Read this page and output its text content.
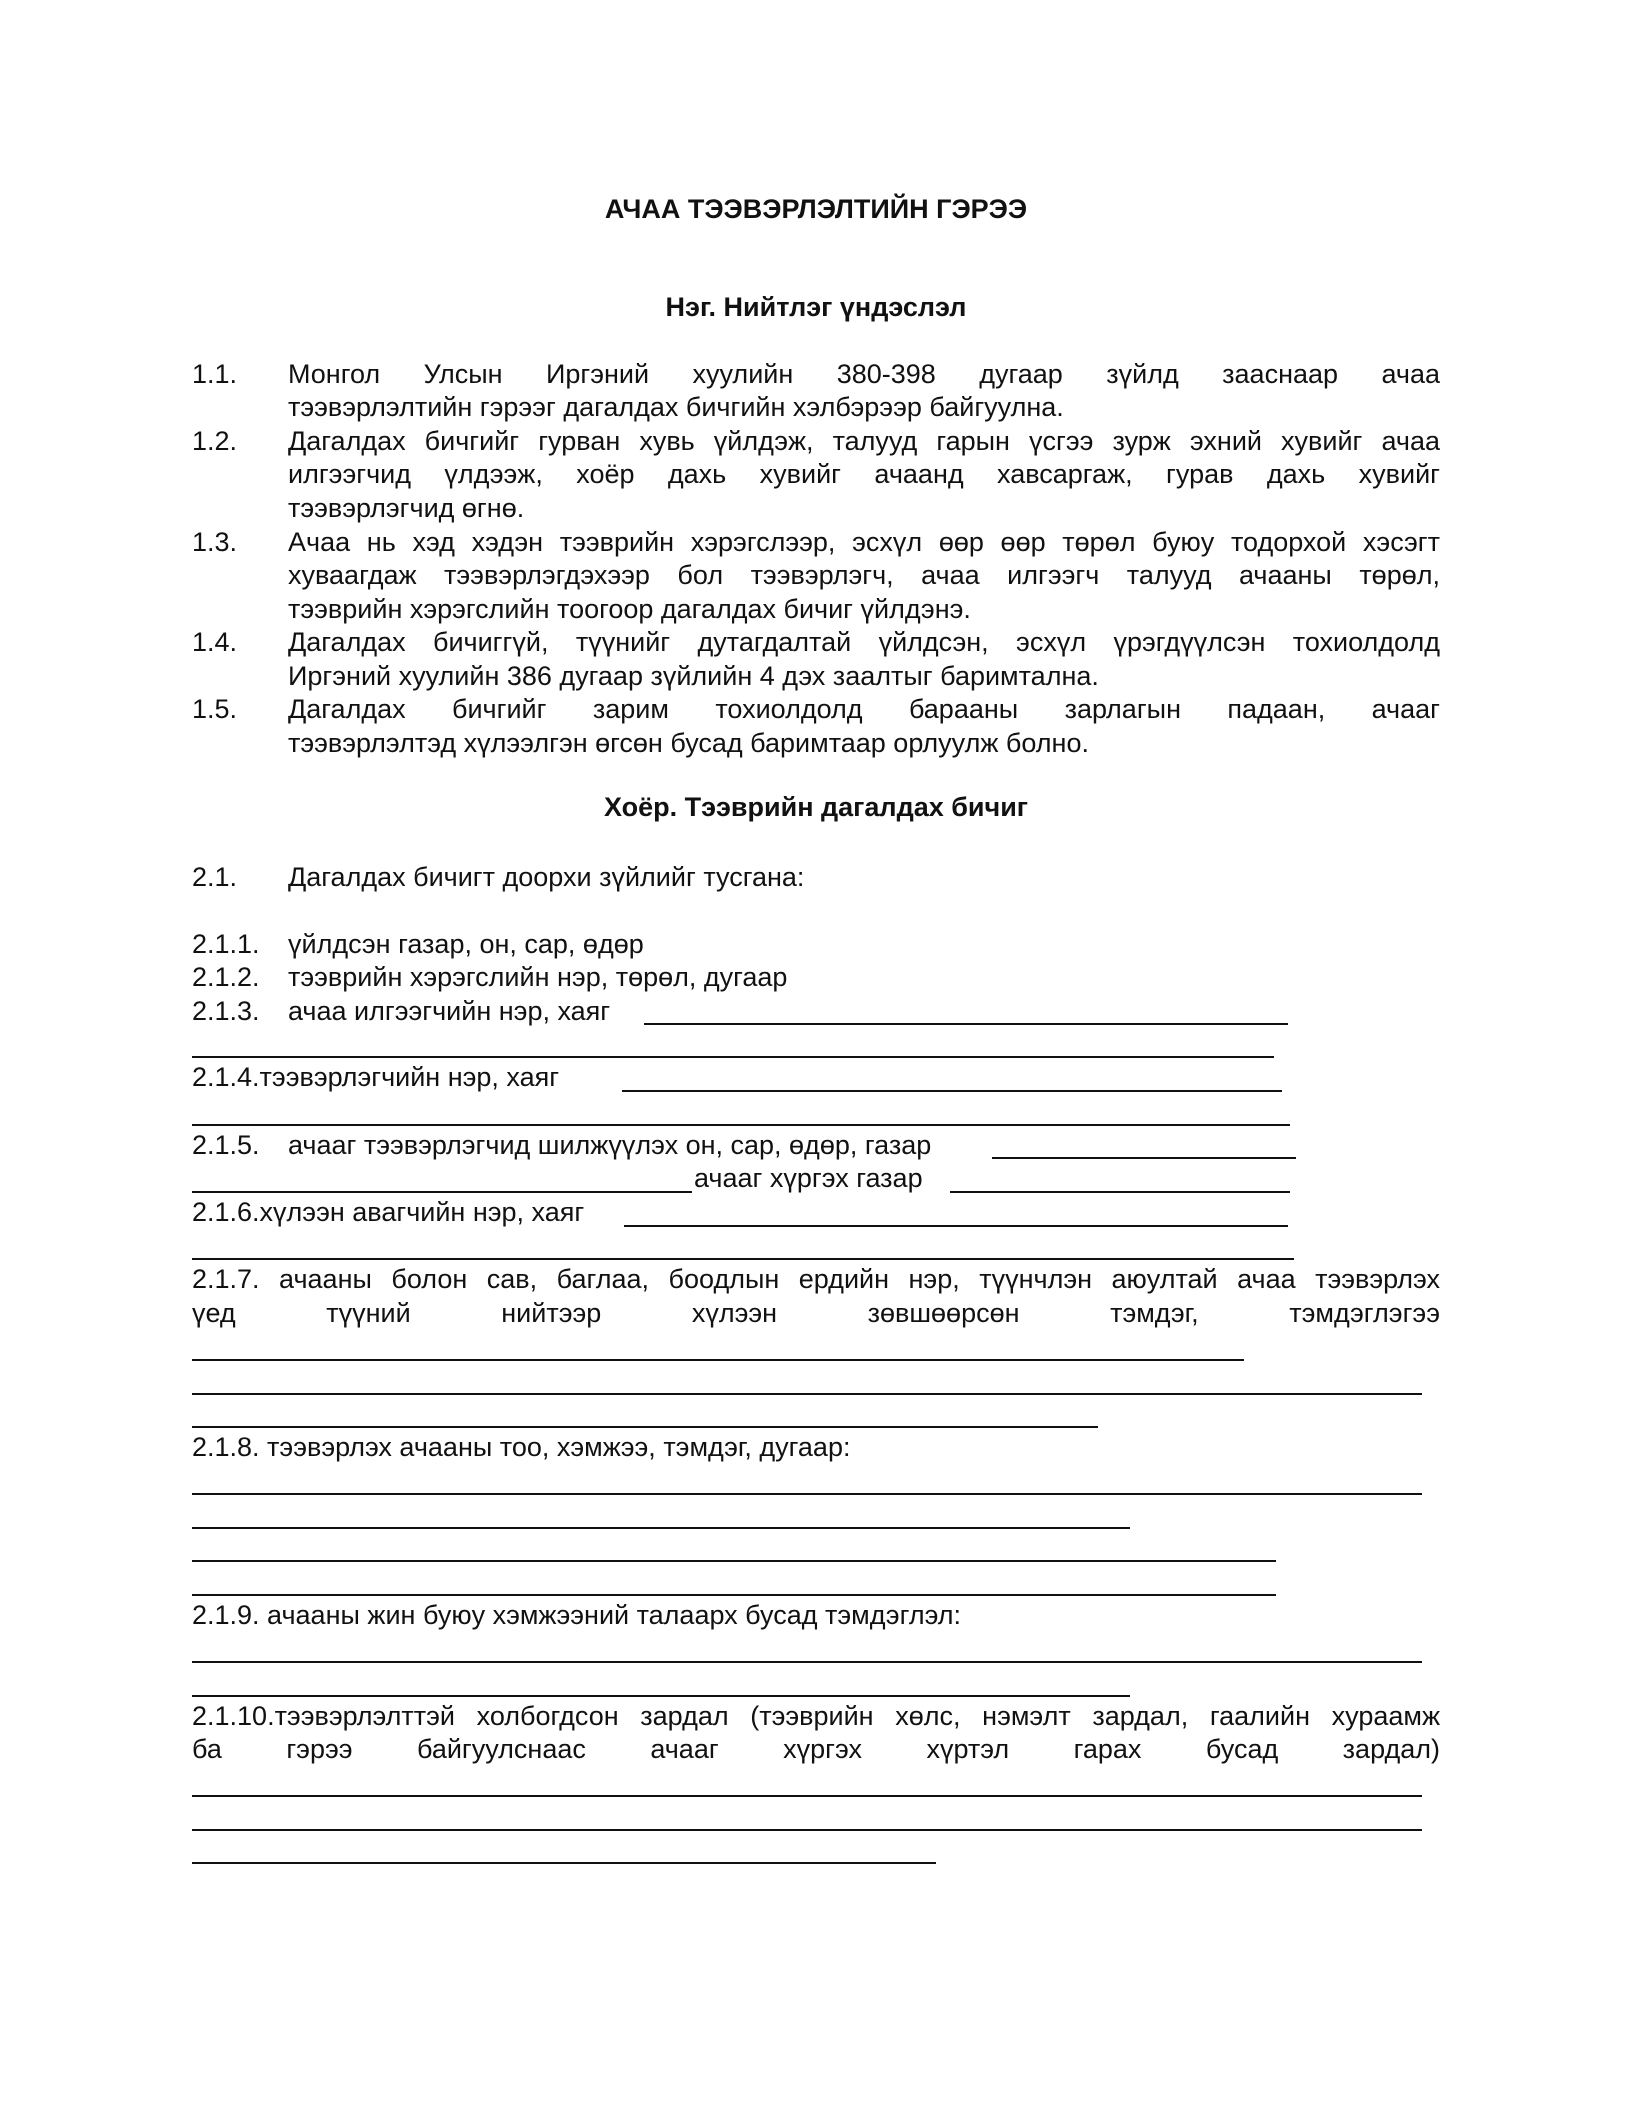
АЧАА ТЭЭВЭРЛЭЛТИЙН ГЭРЭЭ
Нэг. Нийтлэг үндэслэл
1.1. Монгол Улсын Иргэний хуулийн 380-398 дугаар зүйлд зааснаар ачаа
тээвэрлэлтийн гэрээг дагалдах бичгийн хэлбэрээр байгуулна.
1.2. Дагалдах бичгийг гурван хувь үйлдэж, талууд гарын үсгээ зурж эхний хувийг ачаа
илгээгчид үлдээж, хоёр дахь хувийг ачаанд хавсаргаж, гурав дахь хувийг
тээвэрлэгчид өгнө.
1.3. Ачаа нь хэд хэдэн тээврийн хэрэгслээр, эсхүл өөр өөр төрөл буюу тодорхой хэсэгт
хуваагдаж тээвэрлэгдэхээр бол тээвэрлэгч, ачаа илгээгч талууд ачааны төрөл,
тээврийн хэрэгслийн тоогоор дагалдах бичиг үйлдэнэ.
1.4. Дагалдах бичиггүй, түүнийг дутагдалтай үйлдсэн, эсхүл үрэгдүүлсэн тохиолдолд
Иргэний хуулийн 386 дугаар зүйлийн 4 дэх заалтыг баримтална.
1.5. Дагалдах бичгийг зарим тохиолдолд барааны зарлагын падаан, ачааг
тээвэрлэлтэд хүлээлгэн өгсөн бусад баримтаар орлуулж болно.
Хоёр. Тээврийн дагалдах бичиг
2.1. Дагалдах бичигт доорхи зүйлийг тусгана:
2.1.1. үйлдсэн газар, он, сар, өдөр
2.1.2. тээврийн хэрэгслийн нэр, төрөл, дугаар
2.1.3. ачаа илгээгчийн нэр, хаяг
2.1.4.тээвэрлэгчийн нэр, хаяг
2.1.5. ачааг тээвэрлэгчид шилжүүлэх он, сар, өдөр, газар
ачааг хүргэх газар
2.1.6.хүлээн авагчийн нэр, хаяг
2.1.7. ачааны болон сав, баглаа, боодлын ердийн нэр, түүнчлэн аюултай ачаа тээвэрлэх
үед түүний нийтээр хүлээн зөвшөөрсөн тэмдэг, тэмдэглэгээ
2.1.8. тээвэрлэх ачааны тоо, хэмжээ, тэмдэг, дугаар:
2.1.9. ачааны жин буюу хэмжээний талаарх бусад тэмдэглэл:
2.1.10.тээвэрлэлттэй холбогдсон зардал (тээврийн хөлс, нэмэлт зардал, гаалийн хураамж
ба гэрээ байгуулснаас ачааг хүргэх хүртэл гарах бусад зардал)
